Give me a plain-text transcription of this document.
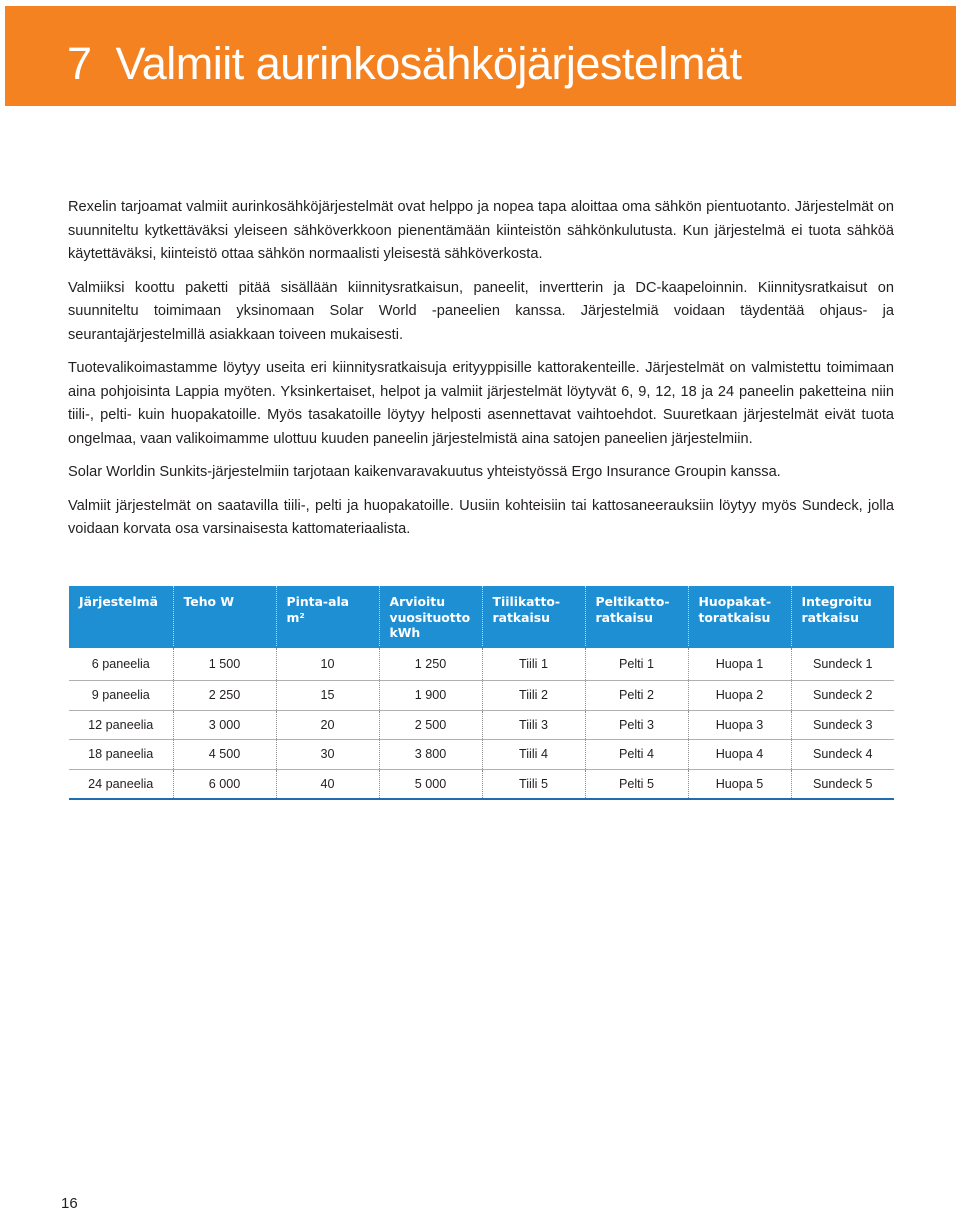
7 Valmiit aurinkosähköjärjestelmät

Rexelin tarjoamat valmiit aurinkosähköjärjestelmät ovat helppo ja nopea tapa aloittaa oma sähkön pientuotanto. Järjestelmät on suunniteltu kytkettäväksi yleiseen sähköverkkoon pienentämään kiinteistön sähkönkulutusta. Kun järjestelmä ei tuota sähköä käytettäväksi, kiinteistö ottaa sähkön normaalisti yleisestä sähköverkosta.

Valmiiksi koottu paketti pitää sisällään kiinnitysratkaisun, paneelit, invertterin ja DC-kaapeloinnin. Kiinnitysratkaisut on suunniteltu toimimaan yksinomaan Solar World -paneelien kanssa. Järjestelmiä voidaan täydentää ohjaus- ja seurantajärjestelmillä asiakkaan toiveen mukaisesti.

Tuotevalikoimastamme löytyy useita eri kiinnitysratkaisuja erityyppisille kattorakenteille. Järjestelmät on valmistettu toimimaan aina pohjoisinta Lappia myöten. Yksinkertaiset, helpot ja valmiit järjestelmät löytyvät 6, 9, 12, 18 ja 24 paneelin paketteina niin tiili-, pelti- kuin huopakatoille. Myös tasakatoille löytyy helposti asennettavat vaihtoehdot. Suuretkaan järjestelmät eivät tuota ongelmaa, vaan valikoimamme ulottuu kuuden paneelin järjestelmistä aina satojen paneelien järjestelmiin.

Solar Worldin Sunkits-järjestelmiin tarjotaan kaikenvaravakuutus yhteistyössä Ergo Insurance Groupin kanssa.

Valmiit järjestelmät on saatavilla tiili-, pelti ja huopakatoille. Uusiin kohteisiin tai kattosaneerauksiin löytyy myös Sundeck, jolla voidaan korvata osa varsinaisesta kattomateriaalista.

Järjestelmä	Teho W	Pinta-ala m²	Arvioitu vuosituotto kWh	Tiilikatto-ratkaisu	Peltikatto-ratkaisu	Huopakat-toratkaisu	Integroitu ratkaisu
6 paneelia	1 500	10	1 250	Tiili 1	Pelti 1	Huopa 1	Sundeck 1
9 paneelia	2 250	15	1 900	Tiili 2	Pelti 2	Huopa 2	Sundeck 2
12 paneelia	3 000	20	2 500	Tiili 3	Pelti 3	Huopa 3	Sundeck 3
18 paneelia	4 500	30	3 800	Tiili 4	Pelti 4	Huopa 4	Sundeck 4
24 paneelia	6 000	40	5 000	Tiili 5	Pelti 5	Huopa 5	Sundeck 5
16
